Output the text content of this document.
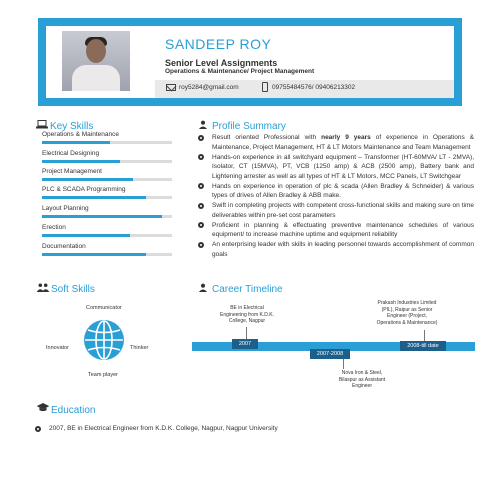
SANDEEP ROY
Senior Level Assignments
Operations & Maintenance/ Project Management
roy5284@gmail.com	09755484576/ 09406213302
Key Skills
Operations & Maintenance
Electrical Designing
Project Management
PLC & SCADA Programming
Layout Planning
Erection
Documentation
Profile Summary
Result oriented Professional with nearly 9 years of experience in Operations & Maintenance, Project Management, HT & LT Motors Maintenance and Team Management
Hands-on experience in all switchyard equipment – Transformer (HT-60MVA/ LT - 2MVA), Isolator, CT (15MVA), PT, VCB (1250 amp) & ACB (2500 amp), Battery bank and Lightening arrester as well as all types of HT & LT Motors, MCC Panels, LT Switchgear
Hands on experience in operation of plc & scada (Allen Bradley & Schneider) & various types of drives of Allen Bradley & ABB make.
Swift in completing projects with competent cross-functional skills and making sure on time deliverables within pre-set cost parameters
Proficient in planning & effectuating preventive maintenance schedules of various equipment/ to increase machine uptime and equipment reliability
An enterprising leader with skills in leading personnel towards accomplishment of common goals
Soft Skills
Communicator
Innovator	Thinker
Team player
Career Timeline
BE in Electrical Engineering from K.D.K. College, Nagpur
Prakash Industries Limited (PIL), Raipur as Senior Engineer (Project, Operations & Maintenance)
2007
2007-2008
2008-till date
Nova Iron & Steel, Bilaspur as Assistant Engineer
Education
2007, BE in Electrical Engineer from K.D.K. College, Nagpur, Nagpur University
